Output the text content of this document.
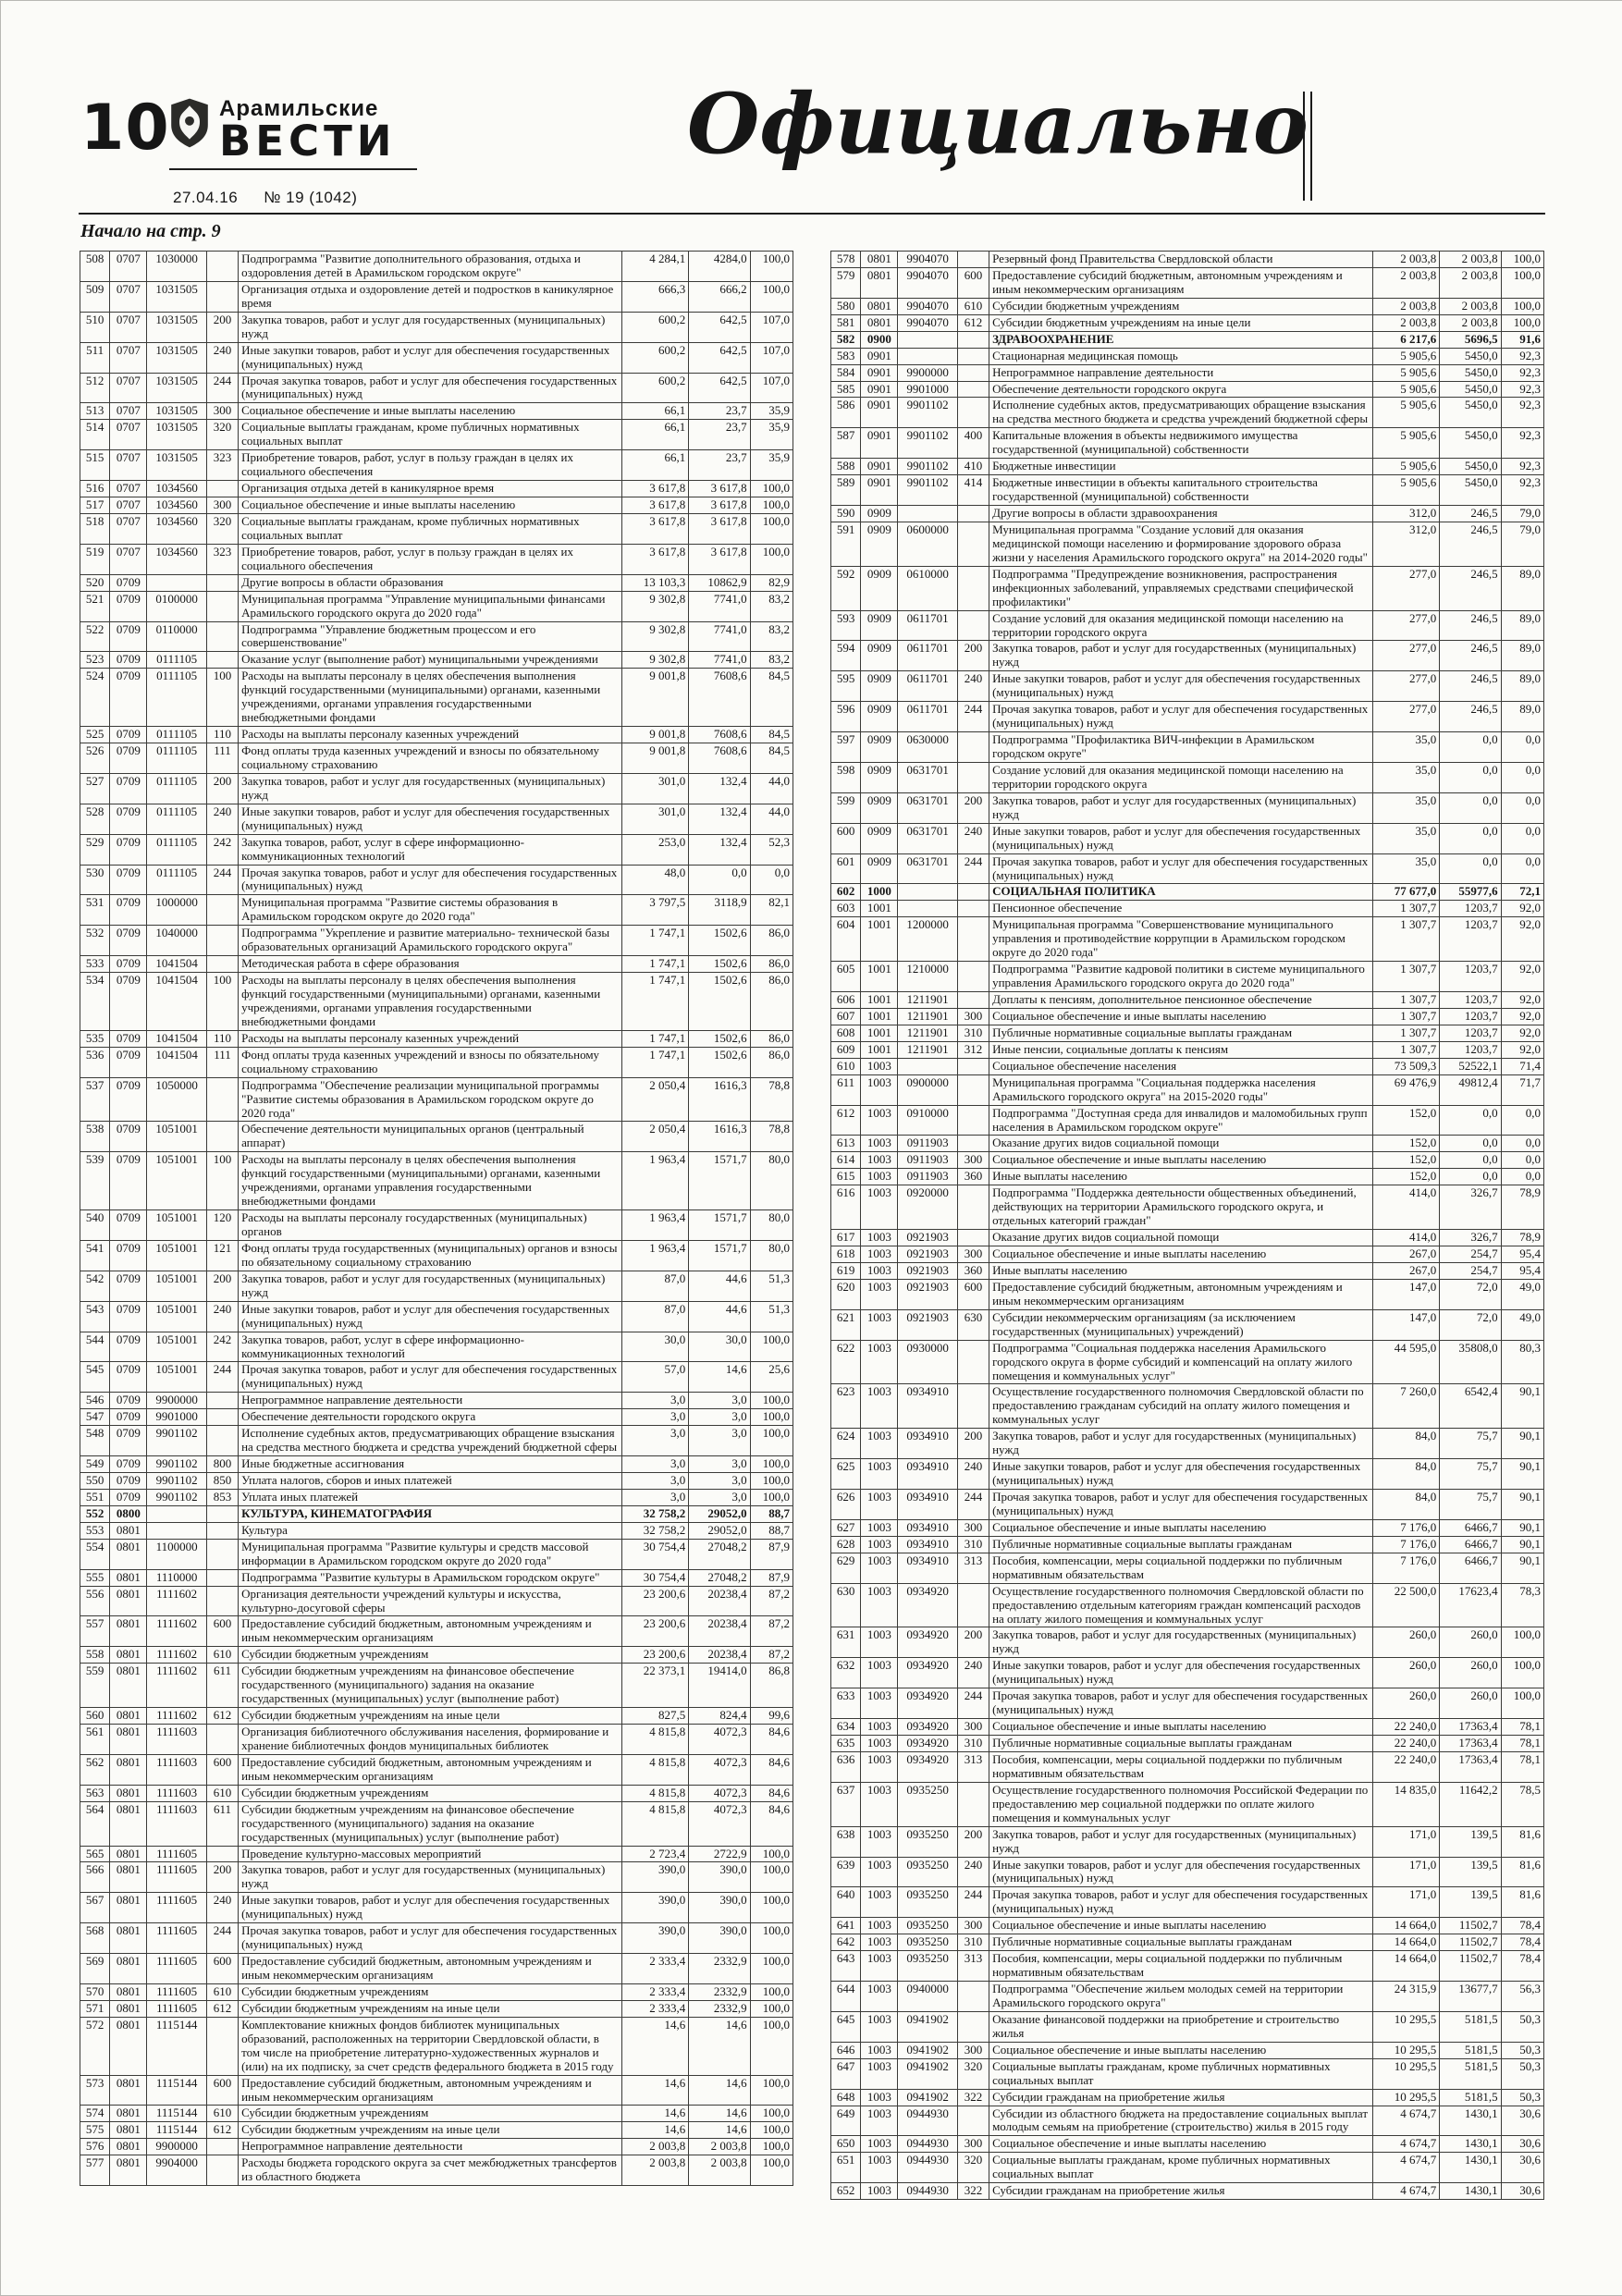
10 Арамильские
ВЕСТИ
27.04.16 № 19 (1042)
Официально
Начало на стр. 9
508	0707	1030000		Подпрограмма "Развитие дополнительного образования, отдыха и оздоровления детей в Арамильском городском округе"	4 284,1	4284,0	100,0
509	0707	1031505		Организация отдыха и оздоровление детей и подростков в каникулярное время	666,3	666,2	100,0
510	0707	1031505	200	Закупка товаров, работ и услуг для государственных (муниципальных) нужд	600,2	642,5	107,0
511	0707	1031505	240	Иные закупки товаров, работ и услуг для обеспечения государственных (муниципальных) нужд	600,2	642,5	107,0
512	0707	1031505	244	Прочая закупка товаров, работ и услуг для обеспечения государственных (муниципальных) нужд	600,2	642,5	107,0
513	0707	1031505	300	Социальное обеспечение и иные выплаты населению	66,1	23,7	35,9
514	0707	1031505	320	Социальные выплаты гражданам, кроме публичных нормативных социальных выплат	66,1	23,7	35,9
515	0707	1031505	323	Приобретение товаров, работ, услуг в пользу граждан в целях их социального обеспечения	66,1	23,7	35,9
516	0707	1034560		Организация отдыха детей в каникулярное время	3 617,8	3 617,8	100,0
517	0707	1034560	300	Социальное обеспечение и иные выплаты населению	3 617,8	3 617,8	100,0
518	0707	1034560	320	Социальные выплаты гражданам, кроме публичных нормативных социальных выплат	3 617,8	3 617,8	100,0
519	0707	1034560	323	Приобретение товаров, работ, услуг в пользу граждан в целях их социального обеспечения	3 617,8	3 617,8	100,0
520	0709			Другие вопросы в области образования	13 103,3	10862,9	82,9
521	0709	0100000		Муниципальная программа "Управление муниципальными финансами Арамильского городского округа до 2020 года"	9 302,8	7741,0	83,2
522	0709	0110000		Подпрограмма "Управление бюджетным процессом и его совершенствование"	9 302,8	7741,0	83,2
523	0709	0111105		Оказание услуг (выполнение работ) муниципальными учреждениями	9 302,8	7741,0	83,2
524	0709	0111105	100	Расходы на выплаты персоналу в целях обеспечения выполнения функций государственными (муниципальными) органами, казенными учреждениями, органами управления государственными внебюджетными фондами	9 001,8	7608,6	84,5
525	0709	0111105	110	Расходы на выплаты персоналу казенных учреждений	9 001,8	7608,6	84,5
526	0709	0111105	111	Фонд оплаты труда казенных учреждений и взносы по обязательному социальному страхованию	9 001,8	7608,6	84,5
527	0709	0111105	200	Закупка товаров, работ и услуг для государственных (муниципальных) нужд	301,0	132,4	44,0
528	0709	0111105	240	Иные закупки товаров, работ и услуг для обеспечения государственных (муниципальных) нужд	301,0	132,4	44,0
529	0709	0111105	242	Закупка товаров, работ, услуг в сфере информационно-коммуникационных технологий	253,0	132,4	52,3
530	0709	0111105	244	Прочая закупка товаров, работ и услуг для обеспечения государственных (муниципальных) нужд	48,0	0,0	0,0
531	0709	1000000		Муниципальная программа "Развитие системы образования в Арамильском городском округе до 2020 года"	3 797,5	3118,9	82,1
532	0709	1040000		Подпрограмма "Укрепление и развитие материально- технической базы образовательных организаций Арамильского городского округа"	1 747,1	1502,6	86,0
533	0709	1041504		Методическая работа в сфере образования	1 747,1	1502,6	86,0
534	0709	1041504	100	Расходы на выплаты персоналу в целях обеспечения выполнения функций государственными (муниципальными) органами, казенными учреждениями, органами управления государственными внебюджетными фондами	1 747,1	1502,6	86,0
535	0709	1041504	110	Расходы на выплаты персоналу казенных учреждений	1 747,1	1502,6	86,0
536	0709	1041504	111	Фонд оплаты труда казенных учреждений и взносы по обязательному социальному страхованию	1 747,1	1502,6	86,0
537	0709	1050000		Подпрограмма "Обеспечение реализации муниципальной программы "Развитие системы образования в Арамильском городском округе до 2020 года"	2 050,4	1616,3	78,8
538	0709	1051001		Обеспечение деятельности муниципальных органов (центральный аппарат)	2 050,4	1616,3	78,8
539	0709	1051001	100	Расходы на выплаты персоналу в целях обеспечения выполнения функций государственными (муниципальными) органами, казенными учреждениями, органами управления государственными внебюджетными фондами	1 963,4	1571,7	80,0
540	0709	1051001	120	Расходы на выплаты персоналу государственных (муниципальных) органов	1 963,4	1571,7	80,0
541	0709	1051001	121	Фонд оплаты труда государственных (муниципальных) органов и взносы по обязательному социальному страхованию	1 963,4	1571,7	80,0
542	0709	1051001	200	Закупка товаров, работ и услуг для государственных (муниципальных) нужд	87,0	44,6	51,3
543	0709	1051001	240	Иные закупки товаров, работ и услуг для обеспечения государственных (муниципальных) нужд	87,0	44,6	51,3
544	0709	1051001	242	Закупка товаров, работ, услуг в сфере информационно-коммуникационных технологий	30,0	30,0	100,0
545	0709	1051001	244	Прочая закупка товаров, работ и услуг для обеспечения государственных (муниципальных) нужд	57,0	14,6	25,6
546	0709	9900000		Непрограммное направление деятельности	3,0	3,0	100,0
547	0709	9901000		Обеспечение деятельности городского округа	3,0	3,0	100,0
548	0709	9901102		Исполнение судебных актов, предусматривающих обращение взыскания на средства местного бюджета и средства учреждений бюджетной сферы	3,0	3,0	100,0
549	0709	9901102	800	Иные бюджетные ассигнования	3,0	3,0	100,0
550	0709	9901102	850	Уплата налогов, сборов и иных платежей	3,0	3,0	100,0
551	0709	9901102	853	Уплата иных платежей	3,0	3,0	100,0
552	0800			КУЛЬТУРА, КИНЕМАТОГРАФИЯ	32 758,2	29052,0	88,7
553	0801			Культура	32 758,2	29052,0	88,7
554	0801	1100000		Муниципальная программа "Развитие культуры и средств массовой информации в Арамильском городском округе до 2020 года"	30 754,4	27048,2	87,9
555	0801	1110000		Подпрограмма "Развитие культуры в Арамильском городском округе"	30 754,4	27048,2	87,9
556	0801	1111602		Организация деятельности учреждений культуры и искусства, культурно-досуговой сферы	23 200,6	20238,4	87,2
557	0801	1111602	600	Предоставление субсидий бюджетным, автономным учреждениям и иным некоммерческим организациям	23 200,6	20238,4	87,2
558	0801	1111602	610	Субсидии бюджетным учреждениям	23 200,6	20238,4	87,2
559	0801	1111602	611	Субсидии бюджетным учреждениям на финансовое обеспечение государственного (муниципального) задания на оказание государственных (муниципальных) услуг (выполнение работ)	22 373,1	19414,0	86,8
560	0801	1111602	612	Субсидии бюджетным учреждениям на иные цели	827,5	824,4	99,6
561	0801	1111603		Организация библиотечного обслуживания населения, формирование и хранение библиотечных фондов муниципальных библиотек	4 815,8	4072,3	84,6
562	0801	1111603	600	Предоставление субсидий бюджетным, автономным учреждениям и иным некоммерческим организациям	4 815,8	4072,3	84,6
563	0801	1111603	610	Субсидии бюджетным учреждениям	4 815,8	4072,3	84,6
564	0801	1111603	611	Субсидии бюджетным учреждениям на финансовое обеспечение государственного (муниципального) задания на оказание государственных (муниципальных) услуг (выполнение работ)	4 815,8	4072,3	84,6
565	0801	1111605		Проведение культурно-массовых мероприятий	2 723,4	2722,9	100,0
566	0801	1111605	200	Закупка товаров, работ и услуг для государственных (муниципальных) нужд	390,0	390,0	100,0
567	0801	1111605	240	Иные закупки товаров, работ и услуг для обеспечения государственных (муниципальных) нужд	390,0	390,0	100,0
568	0801	1111605	244	Прочая закупка товаров, работ и услуг для обеспечения государственных (муниципальных) нужд	390,0	390,0	100,0
569	0801	1111605	600	Предоставление субсидий бюджетным, автономным учреждениям и иным некоммерческим организациям	2 333,4	2332,9	100,0
570	0801	1111605	610	Субсидии бюджетным учреждениям	2 333,4	2332,9	100,0
571	0801	1111605	612	Субсидии бюджетным учреждениям на иные цели	2 333,4	2332,9	100,0
572	0801	1115144		Комплектование книжных фондов библиотек муниципальных образований, расположенных на территории Свердловской области, в том числе на приобретение литературно-художественных журналов и (или) на их подписку, за счет средств федерального бюджета в 2015 году	14,6	14,6	100,0
573	0801	1115144	600	Предоставление субсидий бюджетным, автономным учреждениям и иным некоммерческим организациям	14,6	14,6	100,0
574	0801	1115144	610	Субсидии бюджетным учреждениям	14,6	14,6	100,0
575	0801	1115144	612	Субсидии бюджетным учреждениям на иные цели	14,6	14,6	100,0
576	0801	9900000		Непрограммное направление деятельности	2 003,8	2 003,8	100,0
577	0801	9904000		Расходы бюджета городского округа за счет межбюджетных трансфертов из областного бюджета	2 003,8	2 003,8	100,0
578	0801	9904070		Резервный фонд Правительства Свердловской области	2 003,8	2 003,8	100,0
579	0801	9904070	600	Предоставление субсидий бюджетным, автономным учреждениям и иным некоммерческим организациям	2 003,8	2 003,8	100,0
580	0801	9904070	610	Субсидии бюджетным учреждениям	2 003,8	2 003,8	100,0
581	0801	9904070	612	Субсидии бюджетным учреждениям на иные цели	2 003,8	2 003,8	100,0
582	0900			ЗДРАВООХРАНЕНИЕ	6 217,6	5696,5	91,6
583	0901			Стационарная медицинская помощь	5 905,6	5450,0	92,3
584	0901	9900000		Непрограммное направление деятельности	5 905,6	5450,0	92,3
585	0901	9901000		Обеспечение деятельности городского округа	5 905,6	5450,0	92,3
586	0901	9901102		Исполнение судебных актов, предусматривающих обращение взыскания на средства местного бюджета и средства учреждений бюджетной сферы	5 905,6	5450,0	92,3
587	0901	9901102	400	Капитальные вложения в объекты недвижимого имущества государственной (муниципальной) собственности	5 905,6	5450,0	92,3
588	0901	9901102	410	Бюджетные инвестиции	5 905,6	5450,0	92,3
589	0901	9901102	414	Бюджетные инвестиции в объекты капитального строительства государственной (муниципальной) собственности	5 905,6	5450,0	92,3
590	0909			Другие вопросы в области здравоохранения	312,0	246,5	79,0
591	0909	0600000		Муниципальная программа "Создание условий для оказания медицинской помощи населению и формирование здорового образа жизни у населения Арамильского городского округа" на 2014-2020 годы"	312,0	246,5	79,0
592	0909	0610000		Подпрограмма "Предупреждение возникновения, распространения инфекционных заболеваний, управляемых средствами специфической профилактики"	277,0	246,5	89,0
593	0909	0611701		Создание условий для оказания медицинской помощи населению на территории городского округа	277,0	246,5	89,0
594	0909	0611701	200	Закупка товаров, работ и услуг для государственных (муниципальных) нужд	277,0	246,5	89,0
595	0909	0611701	240	Иные закупки товаров, работ и услуг для обеспечения государственных (муниципальных) нужд	277,0	246,5	89,0
596	0909	0611701	244	Прочая закупка товаров, работ и услуг для обеспечения государственных (муниципальных) нужд	277,0	246,5	89,0
597	0909	0630000		Подпрограмма "Профилактика ВИЧ-инфекции в Арамильском городском округе"	35,0	0,0	0,0
598	0909	0631701		Создание условий для оказания медицинской помощи населению на территории городского округа	35,0	0,0	0,0
599	0909	0631701	200	Закупка товаров, работ и услуг для государственных (муниципальных) нужд	35,0	0,0	0,0
600	0909	0631701	240	Иные закупки товаров, работ и услуг для обеспечения государственных (муниципальных) нужд	35,0	0,0	0,0
601	0909	0631701	244	Прочая закупка товаров, работ и услуг для обеспечения государственных (муниципальных) нужд	35,0	0,0	0,0
602	1000			СОЦИАЛЬНАЯ ПОЛИТИКА	77 677,0	55977,6	72,1
603	1001			Пенсионное обеспечение	1 307,7	1203,7	92,0
604	1001	1200000		Муниципальная программа "Совершенствование муниципального управления и противодействие коррупции в Арамильском городском округе до 2020 года"	1 307,7	1203,7	92,0
605	1001	1210000		Подпрограмма "Развитие кадровой политики в системе муниципального управления Арамильского городского округа до 2020 года"	1 307,7	1203,7	92,0
606	1001	1211901		Доплаты к пенсиям, дополнительное пенсионное обеспечение	1 307,7	1203,7	92,0
607	1001	1211901	300	Социальное обеспечение и иные выплаты населению	1 307,7	1203,7	92,0
608	1001	1211901	310	Публичные нормативные социальные выплаты гражданам	1 307,7	1203,7	92,0
609	1001	1211901	312	Иные пенсии, социальные доплаты к пенсиям	1 307,7	1203,7	92,0
610	1003			Социальное обеспечение населения	73 509,3	52522,1	71,4
611	1003	0900000		Муниципальная программа "Социальная поддержка населения Арамильского городского округа" на 2015-2020 годы"	69 476,9	49812,4	71,7
612	1003	0910000		Подпрограмма "Доступная среда для инвалидов и маломобильных групп населения в Арамильском городском округе"	152,0	0,0	0,0
613	1003	0911903		Оказание других видов социальной помощи	152,0	0,0	0,0
614	1003	0911903	300	Социальное обеспечение и иные выплаты населению	152,0	0,0	0,0
615	1003	0911903	360	Иные выплаты населению	152,0	0,0	0,0
616	1003	0920000		Подпрограмма "Поддержка деятельности общественных объединений, действующих на территории Арамильского городского округа, и отдельных категорий граждан"	414,0	326,7	78,9
617	1003	0921903		Оказание других видов социальной помощи	414,0	326,7	78,9
618	1003	0921903	300	Социальное обеспечение и иные выплаты населению	267,0	254,7	95,4
619	1003	0921903	360	Иные выплаты населению	267,0	254,7	95,4
620	1003	0921903	600	Предоставление субсидий бюджетным, автономным учреждениям и иным некоммерческим организациям	147,0	72,0	49,0
621	1003	0921903	630	Субсидии некоммерческим организациям (за исключением государственных (муниципальных) учреждений)	147,0	72,0	49,0
622	1003	0930000		Подпрограмма "Социальная поддержка населения Арамильского городского округа в форме субсидий и компенсаций на оплату жилого помещения и коммунальных услуг"	44 595,0	35808,0	80,3
623	1003	0934910		Осуществление государственного полномочия Свердловской области по предоставлению гражданам субсидий на оплату жилого помещения и коммунальных услуг	7 260,0	6542,4	90,1
624	1003	0934910	200	Закупка товаров, работ и услуг для государственных (муниципальных) нужд	84,0	75,7	90,1
625	1003	0934910	240	Иные закупки товаров, работ и услуг для обеспечения государственных (муниципальных) нужд	84,0	75,7	90,1
626	1003	0934910	244	Прочая закупка товаров, работ и услуг для обеспечения государственных (муниципальных) нужд	84,0	75,7	90,1
627	1003	0934910	300	Социальное обеспечение и иные выплаты населению	7 176,0	6466,7	90,1
628	1003	0934910	310	Публичные нормативные социальные выплаты гражданам	7 176,0	6466,7	90,1
629	1003	0934910	313	Пособия, компенсации, меры социальной поддержки по публичным нормативным обязательствам	7 176,0	6466,7	90,1
630	1003	0934920		Осуществление государственного полномочия Свердловской области по предоставлению отдельным категориям граждан компенсаций расходов на оплату жилого помещения и коммунальных услуг	22 500,0	17623,4	78,3
631	1003	0934920	200	Закупка товаров, работ и услуг для государственных (муниципальных) нужд	260,0	260,0	100,0
632	1003	0934920	240	Иные закупки товаров, работ и услуг для обеспечения государственных (муниципальных) нужд	260,0	260,0	100,0
633	1003	0934920	244	Прочая закупка товаров, работ и услуг для обеспечения государственных (муниципальных) нужд	260,0	260,0	100,0
634	1003	0934920	300	Социальное обеспечение и иные выплаты населению	22 240,0	17363,4	78,1
635	1003	0934920	310	Публичные нормативные социальные выплаты гражданам	22 240,0	17363,4	78,1
636	1003	0934920	313	Пособия, компенсации, меры социальной поддержки по публичным нормативным обязательствам	22 240,0	17363,4	78,1
637	1003	0935250		Осуществление государственного полномочия Российской Федерации по предоставлению мер социальной поддержки по оплате жилого помещения и коммунальных услуг	14 835,0	11642,2	78,5
638	1003	0935250	200	Закупка товаров, работ и услуг для государственных (муниципальных) нужд	171,0	139,5	81,6
639	1003	0935250	240	Иные закупки товаров, работ и услуг для обеспечения государственных (муниципальных) нужд	171,0	139,5	81,6
640	1003	0935250	244	Прочая закупка товаров, работ и услуг для обеспечения государственных (муниципальных) нужд	171,0	139,5	81,6
641	1003	0935250	300	Социальное обеспечение и иные выплаты населению	14 664,0	11502,7	78,4
642	1003	0935250	310	Публичные нормативные социальные выплаты гражданам	14 664,0	11502,7	78,4
643	1003	0935250	313	Пособия, компенсации, меры социальной поддержки по публичным нормативным обязательствам	14 664,0	11502,7	78,4
644	1003	0940000		Подпрограмма "Обеспечение жильем молодых семей на территории Арамильского городского округа"	24 315,9	13677,7	56,3
645	1003	0941902		Оказание финансовой поддержки на приобретение и строительство жилья	10 295,5	5181,5	50,3
646	1003	0941902	300	Социальное обеспечение и иные выплаты населению	10 295,5	5181,5	50,3
647	1003	0941902	320	Социальные выплаты гражданам, кроме публичных нормативных социальных выплат	10 295,5	5181,5	50,3
648	1003	0941902	322	Субсидии гражданам на приобретение жилья	10 295,5	5181,5	50,3
649	1003	0944930		Субсидии из областного бюджета на предоставление социальных выплат молодым семьям на приобретение (строительство) жилья в 2015 году	4 674,7	1430,1	30,6
650	1003	0944930	300	Социальное обеспечение и иные выплаты населению	4 674,7	1430,1	30,6
651	1003	0944930	320	Социальные выплаты гражданам, кроме публичных нормативных социальных выплат	4 674,7	1430,1	30,6
652	1003	0944930	322	Субсидии гражданам на приобретение жилья	4 674,7	1430,1	30,6
